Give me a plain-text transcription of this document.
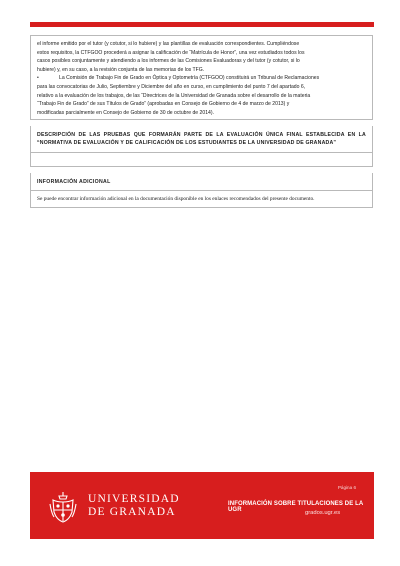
el informe emitido por el tutor (y cotutor, si lo hubiere) y las plantillas de evaluación correspondientes. Cumpliéndose
estos requisitos, la CTFGOO procederá a asignar la calificación de “Matrícula de Honor”, una vez estudiados todos los
casos posibles conjuntamente y atendiendo a los informes de las Comisiones Evaluadoras y del tutor (y cotutor, si lo
hubiere) y, en su caso, a la revisión conjunta de las memorias de los TFG.
•	La Comisión de Trabajo Fin de Grado en Óptica y Optometría (CTFGOO) constituirá un Tribunal de Reclamaciones
para las convocatorias de Julio, Septiembre y Diciembre del año en curso, en cumplimiento del punto 7 del apartado 6,
relativo a la evaluación de los trabajos, de las “Directrices de la Universidad de Granada sobre el desarrollo de la materia
“Trabajo Fin de Grado” de sus Títulos de Grado” (aprobadas en Consejo de Gobierno de 4 de marzo de 2013) y
modificadas parcialmente en Consejo de Gobierno de 30 de octubre de 2014).
DESCRIPCIÓN DE LAS PRUEBAS QUE FORMARÁN PARTE DE LA EVALUACIÓN ÚNICA FINAL ESTABLECIDA EN LA “NORMATIVA DE EVALUACIÓN Y DE CALIFICACIÓN DE LOS ESTUDIANTES DE LA UNIVERSIDAD DE GRANADA”
INFORMACIÓN ADICIONAL
Se puede encontrar información adicional en la documentación disponible en los enlaces recomendados del presente documento.
UNIVERSIDAD
DE GRANADA
Página 6
INFORMACIÓN SOBRE TITULACIONES DE LA UGR	grados.ugr.es
